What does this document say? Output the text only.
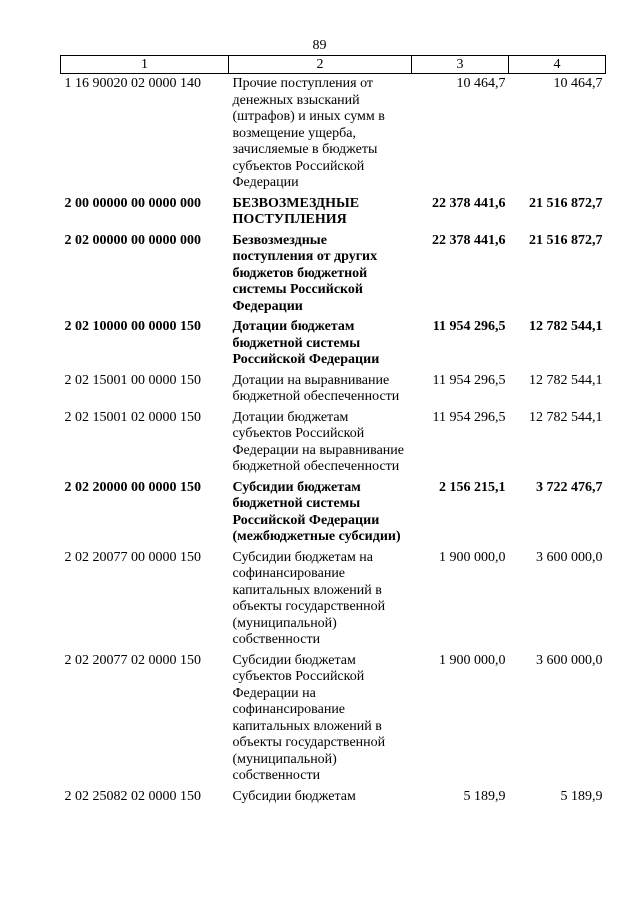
89
1	2	3	4
1 16 90020 02 0000 140	Прочие поступления от денежных взысканий (штрафов) и иных сумм в возмещение ущерба, зачисляемые в бюджеты субъектов Российской Федерации	10 464,7	10 464,7
2 00 00000 00 0000 000	БЕЗВОЗМЕЗДНЫЕ ПОСТУПЛЕНИЯ	22 378 441,6	21 516 872,7
2 02 00000 00 0000 000	Безвозмездные поступления от других бюджетов бюджетной системы Российской Федерации	22 378 441,6	21 516 872,7
2 02 10000 00 0000 150	Дотации бюджетам бюджетной системы Российской Федерации	11 954 296,5	12 782 544,1
2 02 15001 00 0000 150	Дотации на выравнивание бюджетной обеспеченности	11 954 296,5	12 782 544,1
2 02 15001 02 0000 150	Дотации бюджетам субъектов Российской Федерации на выравнивание бюджетной обеспеченности	11 954 296,5	12 782 544,1
2 02 20000 00 0000 150	Субсидии бюджетам бюджетной системы Российской Федерации (межбюджетные субсидии)	2 156 215,1	3 722 476,7
2 02 20077 00 0000 150	Субсидии бюджетам на софинансирование капитальных вложений в объекты государственной (муниципальной) собственности	1 900 000,0	3 600 000,0
2 02 20077 02 0000 150	Субсидии бюджетам субъектов Российской Федерации на софинансирование капитальных вложений в объекты государственной (муниципальной) собственности	1 900 000,0	3 600 000,0
2 02 25082 02 0000 150	Субсидии бюджетам	5 189,9	5 189,9
